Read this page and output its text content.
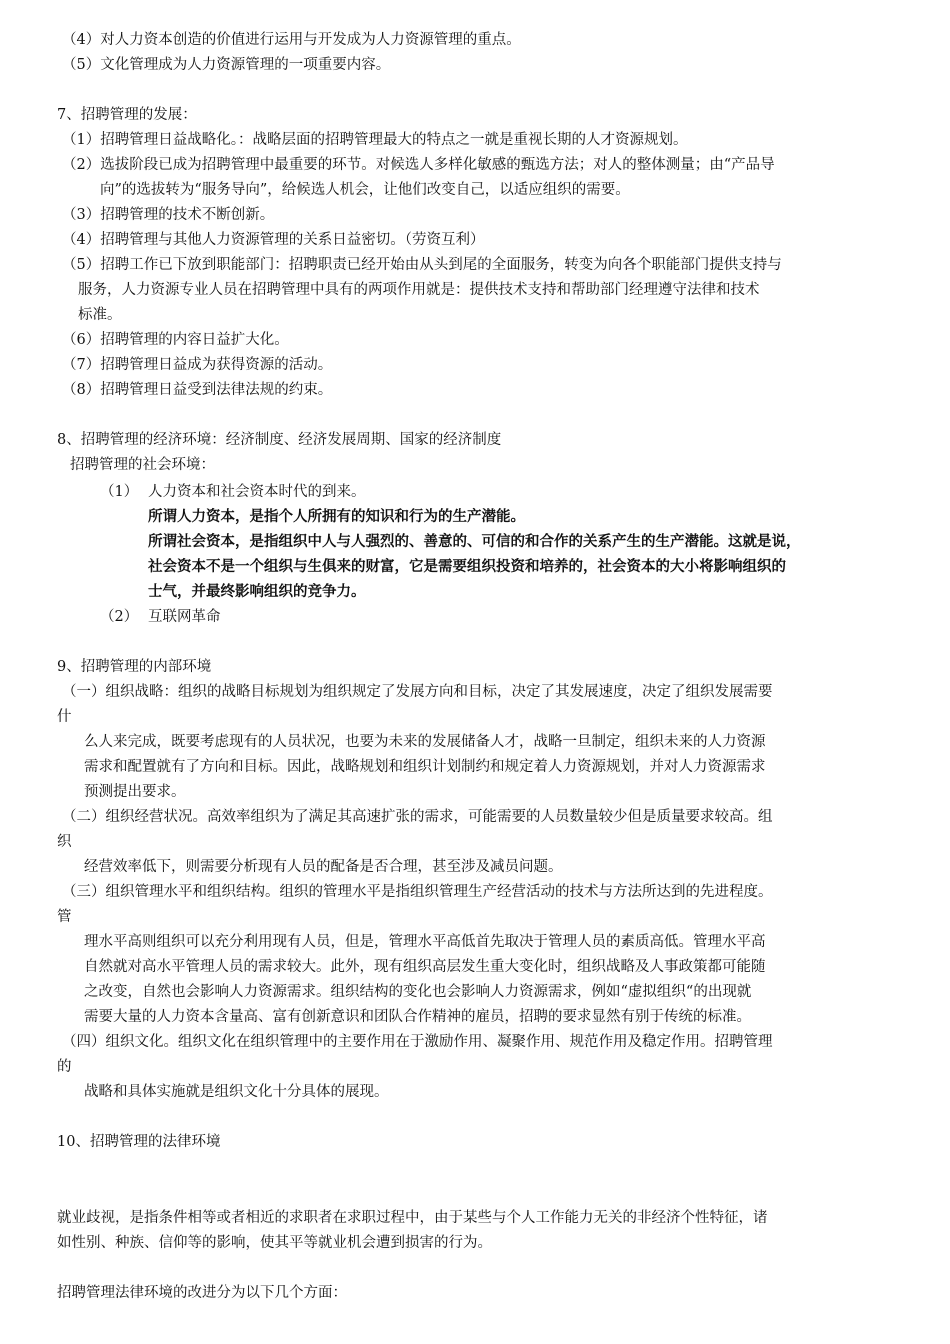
（4）对人力资本创造的价值进行运用与开发成为人力资源管理的重点。
（5）文化管理成为人力资源管理的一项重要内容。
7、招聘管理的发展：
（1）招聘管理日益战略化。：战略层面的招聘管理最大的特点之一就是重视长期的人才资源规划。
（2）选拔阶段已成为招聘管理中最重要的环节。对候选人多样化敏感的甄选方法；对人的整体测量；由“产品导
向”的选拔转为“服务导向”，给候选人机会，让他们改变自己，以适应组织的需要。
（3）招聘管理的技术不断创新。
（4）招聘管理与其他人力资源管理的关系日益密切。（劳资互利）
（5）招聘工作已下放到职能部门：招聘职责已经开始由从头到尾的全面服务，转变为向各个职能部门提供支持与
服务，人力资源专业人员在招聘管理中具有的两项作用就是：提供技术支持和帮助部门经理遵守法律和技术
标准。
（6）招聘管理的内容日益扩大化。
（7）招聘管理日益成为获得资源的活动。
（8）招聘管理日益受到法律法规的约束。
8、招聘管理的经济环境：经济制度、经济发展周期、国家的经济制度
招聘管理的社会环境：
（1） 人力资本和社会资本时代的到来。
所谓人力资本，是指个人所拥有的知识和行为的生产潜能。
所谓社会资本，是指组织中人与人强烈的、善意的、可信的和合作的关系产生的生产潜能。这就是说，
社会资本不是一个组织与生俱来的财富，它是需要组织投资和培养的，社会资本的大小将影响组织的
士气，并最终影响组织的竞争力。
（2） 互联网革命
9、招聘管理的内部环境
（一）组织战略：组织的战略目标规划为组织规定了发展方向和目标，决定了其发展速度，决定了组织发展需要
什
么人来完成，既要考虑现有的人员状况，也要为未来的发展储备人才，战略一旦制定，组织未来的人力资源
需求和配置就有了方向和目标。因此，战略规划和组织计划制约和规定着人力资源规划，并对人力资源需求
预测提出要求。
（二）组织经营状况。高效率组织为了满足其高速扩张的需求，可能需要的人员数量较少但是质量要求较高。组
织
经营效率低下，则需要分析现有人员的配备是否合理，甚至涉及减员问题。
（三）组织管理水平和组织结构。组织的管理水平是指组织管理生产经营活动的技术与方法所达到的先进程度。
管
理水平高则组织可以充分利用现有人员，但是，管理水平高低首先取决于管理人员的素质高低。管理水平高
自然就对高水平管理人员的需求较大。此外，现有组织高层发生重大变化时，组织战略及人事政策都可能随
之改变，自然也会影响人力资源需求。组织结构的变化也会影响人力资源需求，例如“虚拟组织“的出现就
需要大量的人力资本含量高、富有创新意识和团队合作精神的雇员，招聘的要求显然有别于传统的标准。
（四）组织文化。组织文化在组织管理中的主要作用在于激励作用、凝聚作用、规范作用及稳定作用。招聘管理
的
战略和具体实施就是组织文化十分具体的展现。
10、招聘管理的法律环境
就业歧视，是指条件相等或者相近的求职者在求职过程中，由于某些与个人工作能力无关的非经济个性特征，诸
如性别、种族、信仰等的影响，使其平等就业机会遭到损害的行为。
招聘管理法律环境的改进分为以下几个方面：
